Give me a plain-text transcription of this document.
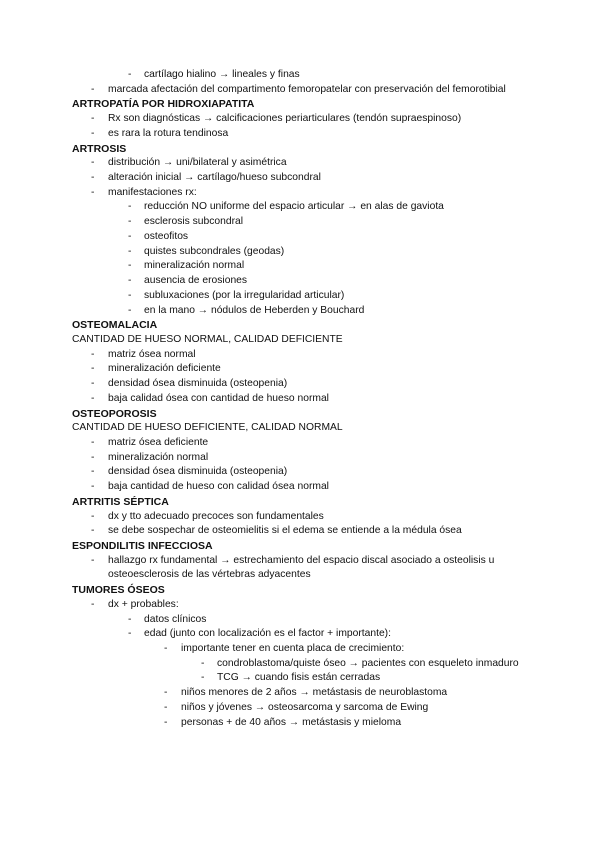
- cartílago hialino → lineales y finas
- marcada afectación del compartimento femoropatelar con preservación del femorotibial
ARTROPATÍA POR HIDROXIAPATITA
- Rx son diagnósticas → calcificaciones periarticulares (tendón supraespinoso)
- es rara la rotura tendinosa
ARTROSIS
- distribución → uni/bilateral y asimétrica
- alteración inicial → cartílago/hueso subcondral
- manifestaciones rx:
- reducción NO uniforme del espacio articular → en alas de gaviota
- esclerosis subcondral
- osteofitos
- quistes subcondrales (geodas)
- mineralización normal
- ausencia de erosiones
- subluxaciones (por la irregularidad articular)
- en la mano → nódulos de Heberden y Bouchard
OSTEOMALACIA
CANTIDAD DE HUESO NORMAL, CALIDAD DEFICIENTE
- matriz ósea normal
- mineralización deficiente
- densidad ósea disminuida (osteopenia)
- baja calidad ósea con cantidad de hueso normal
OSTEOPOROSIS
CANTIDAD DE HUESO DEFICIENTE, CALIDAD NORMAL
- matriz ósea deficiente
- mineralización normal
- densidad ósea disminuida (osteopenia)
- baja cantidad de hueso con calidad ósea normal
ARTRITIS SÉPTICA
- dx y tto adecuado precoces son fundamentales
- se debe sospechar de osteomielitis si el edema se entiende a la médula ósea
ESPONDILITIS INFECCIOSA
- hallazgo rx fundamental → estrechamiento del espacio discal asociado a osteolisis u osteoesclerosis de las vértebras adyacentes
TUMORES ÓSEOS
- dx + probables:
- datos clínicos
- edad (junto con localización es el factor + importante):
- importante tener en cuenta placa de crecimiento:
- condroblastoma/quiste óseo → pacientes con esqueleto inmaduro
- TCG → cuando fisis están cerradas
- niños menores de 2 años → metástasis de neuroblastoma
- niños y jóvenes → osteosarcoma y sarcoma de Ewing
- personas + de 40 años → metástasis y mieloma
